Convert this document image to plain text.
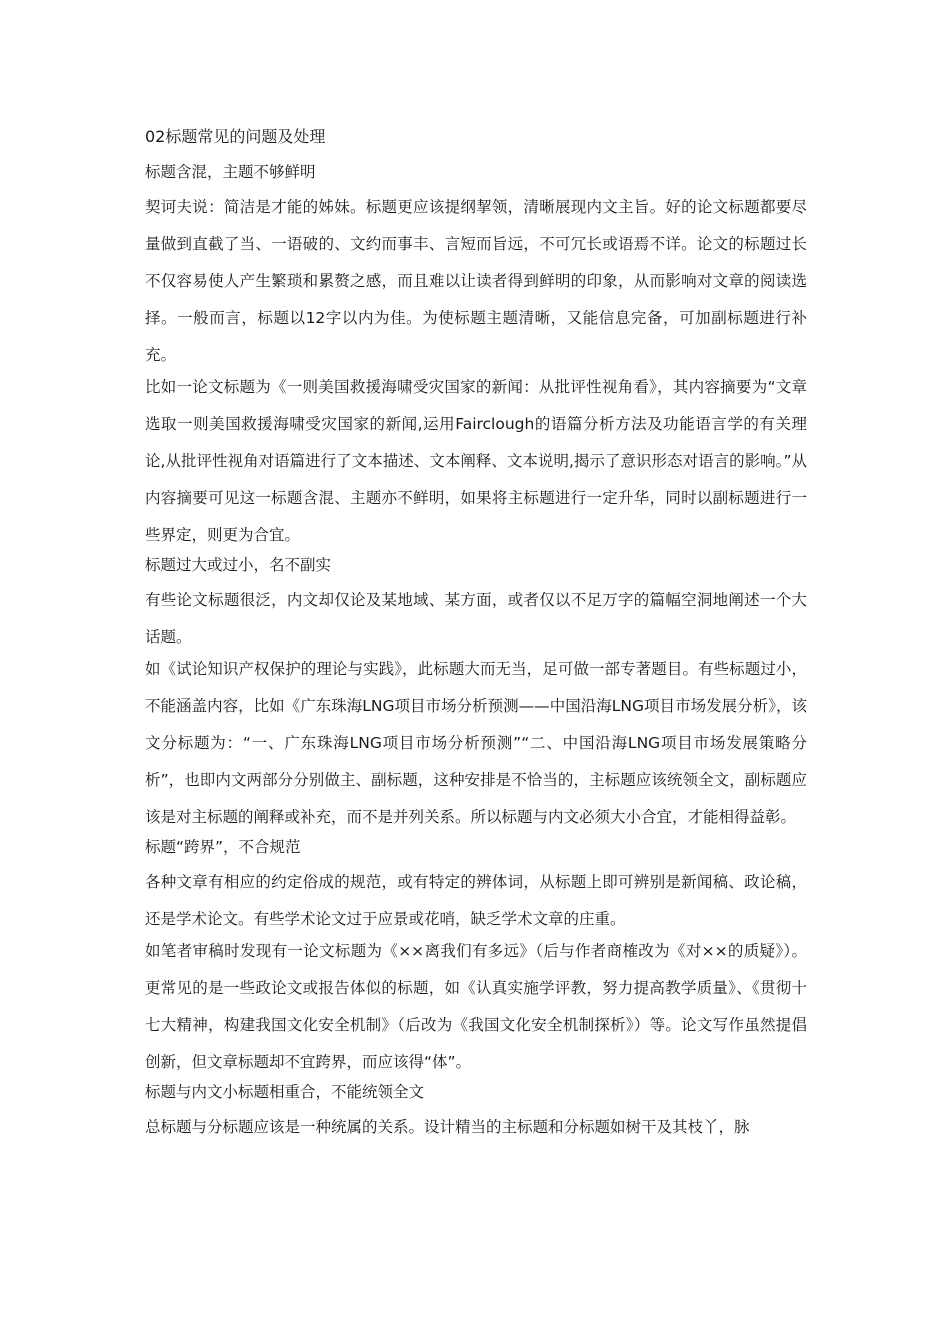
02标题常见的问题及处理
标题含混，主题不够鲜明

契诃夫说：简洁是才能的姊妹。标题更应该提纲挈领，清晰展现内文主旨。好的论文标题都要尽量做到直截了当、一语破的、文约而事丰、言短而旨远，不可冗长或语焉不详。论文的标题过长不仅容易使人产生繁琐和累赘之感，而且难以让读者得到鲜明的印象，从而影响对文章的阅读选择。一般而言，标题以12字以内为佳。为使标题主题清晰，又能信息完备，可加副标题进行补充。

比如一论文标题为《一则美国救援海啸受灾国家的新闻：从批评性视角看》，其内容摘要为“文章选取一则美国救援海啸受灾国家的新闻,运用Fairclough的语篇分析方法及功能语言学的有关理论,从批评性视角对语篇进行了文本描述、文本阐释、文本说明,揭示了意识形态对语言的影响。”从内容摘要可见这一标题含混、主题亦不鲜明，如果将主标题进行一定升华，同时以副标题进行一些界定，则更为合宜。

标题过大或过小，名不副实

有些论文标题很泛，内文却仅论及某地域、某方面，或者仅以不足万字的篇幅空洞地阐述一个大话题。

如《试论知识产权保护的理论与实践》，此标题大而无当，足可做一部专著题目。有些标题过小，不能涵盖内容，比如《广东珠海LNG项目市场分析预测——中国沿海LNG项目市场发展分析》，该文分标题为：“一、广东珠海LNG项目市场分析预测”“二、中国沿海LNG项目市场发展策略分析”，也即内文两部分分别做主、副标题，这种安排是不恰当的，主标题应该统领全文，副标题应该是对主标题的阐释或补充，而不是并列关系。所以标题与内文必须大小合宜，才能相得益彰。

标题“跨界”，不合规范

各种文章有相应的约定俗成的规范，或有特定的辨体词，从标题上即可辨别是新闻稿、政论稿，还是学术论文。有些学术论文过于应景或花哨，缺乏学术文章的庄重。

如笔者审稿时发现有一论文标题为《××离我们有多远》（后与作者商榷改为《对××的质疑》）。更常见的是一些政论文或报告体似的标题，如《认真实施学评教，努力提高教学质量》、《贯彻十七大精神，构建我国文化安全机制》（后改为《我国文化安全机制探析》）等。论文写作虽然提倡创新，但文章标题却不宜跨界，而应该得“体”。

标题与内文小标题相重合，不能统领全文

总标题与分标题应该是一种统属的关系。设计精当的主标题和分标题如树干及其枝丫，脉
